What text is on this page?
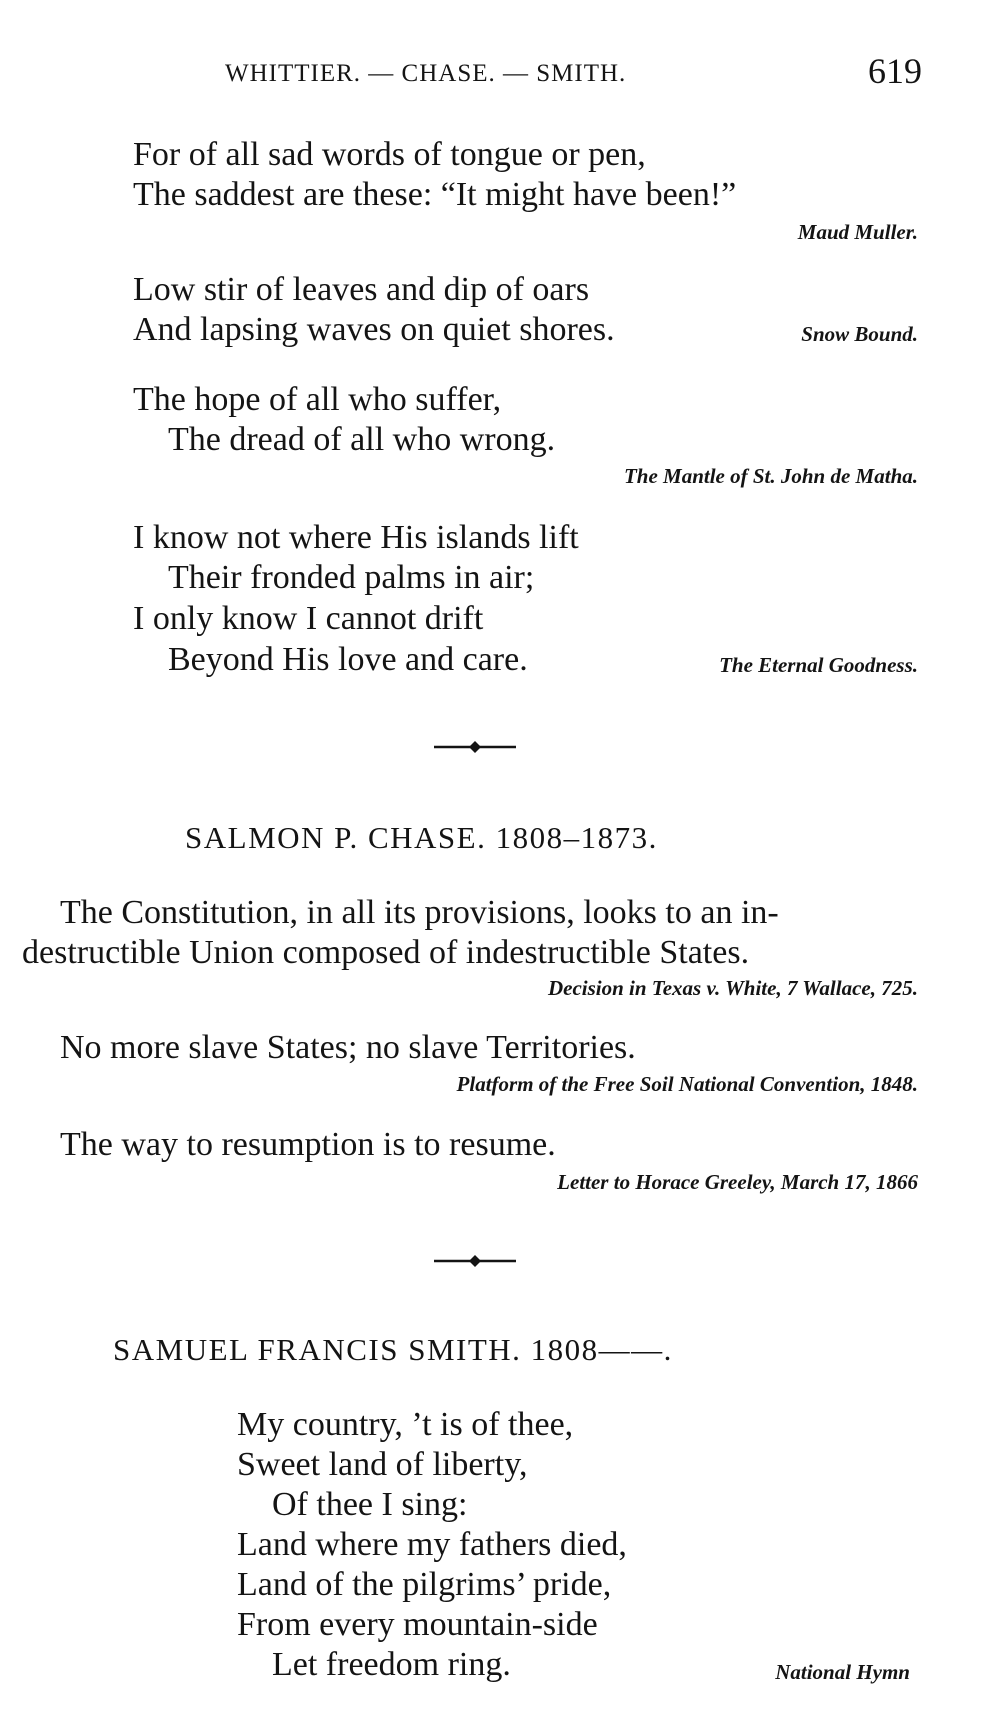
WHITTIER. — CHASE. — SMITH.	619
For of all sad words of tongue or pen,
The saddest are these: “It might have been!”
Maud Muller.
Low stir of leaves and dip of oars
And lapsing waves on quiet shores.	Snow Bound.
The hope of all who suffer,
The dread of all who wrong.
The Mantle of St. John de Matha.
I know not where His islands lift
Their fronded palms in air;
I only know I cannot drift
Beyond His love and care.	The Eternal Goodness.
SALMON P. CHASE. 1808–1873.
The Constitution, in all its provisions, looks to an in-
destructible Union composed of indestructible States.
Decision in Texas v. White, 7 Wallace, 725.
No more slave States; no slave Territories.
Platform of the Free Soil National Convention, 1848.
The way to resumption is to resume.
Letter to Horace Greeley, March 17, 1866
SAMUEL FRANCIS SMITH. 1808——.
My country, ’t is of thee,
Sweet land of liberty,
Of thee I sing:
Land where my fathers died,
Land of the pilgrims’ pride,
From every mountain-side
Let freedom ring.	National Hymn
